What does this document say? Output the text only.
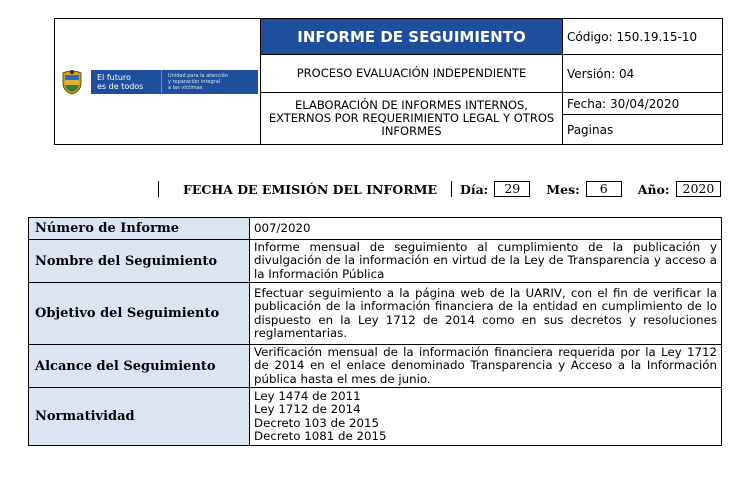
El futuro
es de todos
Unidad para la atención
y reparación integral
a las víctimas	INFORME DE SEGUIMIENTO	Código: 150.19.15-10
	PROCESO EVALUACIÓN INDEPENDIENTE	Versión: 04
	ELABORACIÓN DE INFORMES INTERNOS, EXTERNOS POR REQUERIMIENTO LEGAL Y OTROS INFORMES	Fecha: 30/04/2020
		Paginas
FECHA DE EMISIÓN DEL INFORME	Día:	29	Mes:	6	Año:	2020
Número de Informe	007/2020
Nombre del Seguimiento	Informe mensual de seguimiento al cumplimiento de la publicación y divulgación de la información en virtud de la Ley de Transparencia y acceso a la Información Pública
Objetivo del Seguimiento	Efectuar seguimiento a la página web de la UARIV, con el fin de verificar la publicación de la información financiera de la entidad en cumplimiento de lo dispuesto en la Ley 1712 de 2014 como en sus decretos y resoluciones reglamentarias.
Alcance del Seguimiento	Verificación mensual de la información financiera requerida por la Ley 1712 de 2014 en el enlace denominado Transparencia y Acceso a la Información pública hasta el mes de junio.
Normatividad	Ley 1474 de 2011
Ley 1712 de 2014
Decreto 103 de 2015
Decreto 1081 de 2015
